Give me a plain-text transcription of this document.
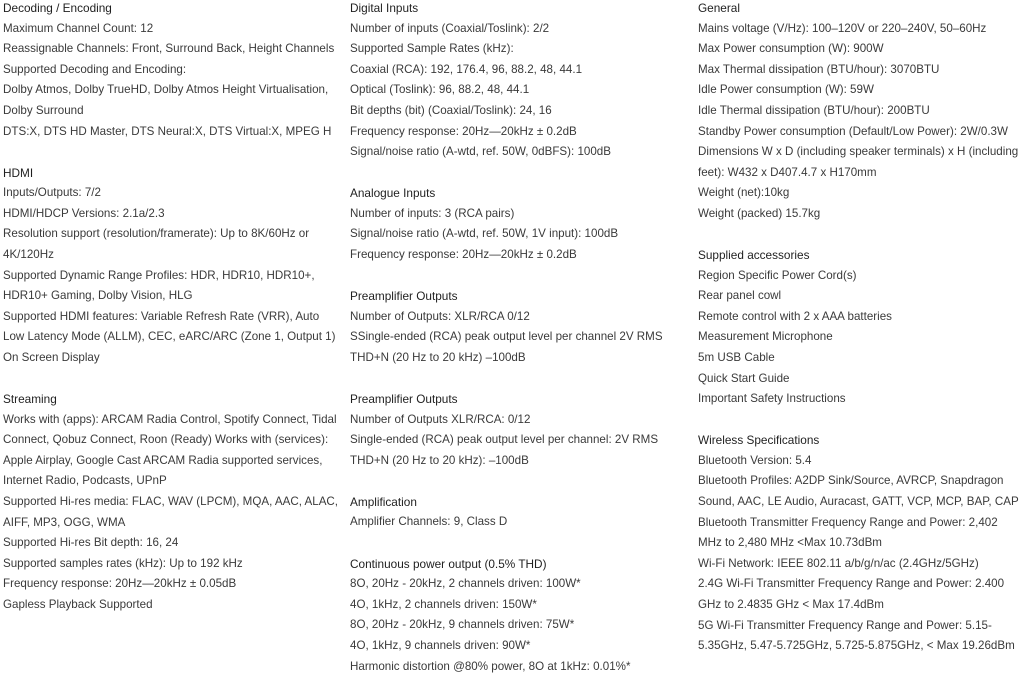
Decoding / Encoding
Maximum Channel Count: 12
Reassignable Channels: Front, Surround Back, Height Channels
Supported Decoding and Encoding:
Dolby Atmos, Dolby TrueHD, Dolby Atmos Height Virtualisation, Dolby Surround
DTS:X, DTS HD Master, DTS Neural:X, DTS Virtual:X, MPEG H
HDMI
Inputs/Outputs: 7/2
HDMI/HDCP Versions: 2.1a/2.3
Resolution support (resolution/framerate): Up to 8K/60Hz or 4K/120Hz
Supported Dynamic Range Profiles: HDR, HDR10, HDR10+, HDR10+ Gaming, Dolby Vision, HLG
Supported HDMI features: Variable Refresh Rate (VRR), Auto Low Latency Mode (ALLM), CEC, eARC/ARC (Zone 1, Output 1) On Screen Display
Streaming
Works with (apps): ARCAM Radia Control, Spotify Connect, Tidal Connect, Qobuz Connect, Roon (Ready) Works with (services): Apple Airplay, Google Cast ARCAM Radia supported services, Internet Radio, Podcasts, UPnP
Supported Hi-res media: FLAC, WAV (LPCM), MQA, AAC, ALAC, AIFF, MP3, OGG, WMA
Supported Hi-res Bit depth: 16, 24
Supported samples rates (kHz): Up to 192 kHz
Frequency response: 20Hz—20kHz ± 0.05dB
Gapless Playback Supported
Digital Inputs
Number of inputs (Coaxial/Toslink): 2/2
Supported Sample Rates (kHz):
Coaxial (RCA): 192, 176.4, 96, 88.2, 48, 44.1
Optical (Toslink): 96, 88.2, 48, 44.1
Bit depths (bit) (Coaxial/Toslink): 24, 16
Frequency response: 20Hz—20kHz ± 0.2dB
Signal/noise ratio (A-wtd, ref. 50W, 0dBFS): 100dB
Analogue Inputs
Number of inputs: 3 (RCA pairs)
Signal/noise ratio (A-wtd, ref. 50W, 1V input): 100dB
Frequency response: 20Hz—20kHz ± 0.2dB
Preamplifier Outputs
Number of Outputs: XLR/RCA 0/12
SSingle-ended (RCA) peak output level per channel 2V RMS
THD+N (20 Hz to 20 kHz) –100dB
Preamplifier Outputs
Number of Outputs XLR/RCA: 0/12
Single-ended (RCA) peak output level per channel: 2V RMS
THD+N (20 Hz to 20 kHz): –100dB
Amplification
Amplifier Channels: 9, Class D
Continuous power output (0.5% THD)
8O, 20Hz - 20kHz, 2 channels driven: 100W*
4O, 1kHz, 2 channels driven: 150W*
8O, 20Hz - 20kHz, 9 channels driven: 75W*
4O, 1kHz, 9 channels driven: 90W*
Harmonic distortion @80% power, 8O at 1kHz: 0.01%*
General
Mains voltage (V/Hz): 100–120V or 220–240V, 50–60Hz
Max Power consumption (W): 900W
Max Thermal dissipation (BTU/hour): 3070BTU
Idle Power consumption (W): 59W
Idle Thermal dissipation (BTU/hour): 200BTU
Standby Power consumption (Default/Low Power): 2W/0.3W
Dimensions W x D (including speaker terminals) x H (including feet): W432 x D407.4.7 x H170mm
Weight (net):10kg
Weight (packed) 15.7kg
Supplied accessories
Region Specific Power Cord(s)
Rear panel cowl
Remote control with 2 x AAA batteries
Measurement Microphone
5m USB Cable
Quick Start Guide
Important Safety Instructions
Wireless Specifications
Bluetooth Version: 5.4
Bluetooth Profiles: A2DP Sink/Source, AVRCP, Snapdragon Sound, AAC, LE Audio, Auracast, GATT, VCP, MCP, BAP, CAP
Bluetooth Transmitter Frequency Range and Power: 2,402 MHz to 2,480 MHz <Max 10.73dBm
Wi-Fi Network: IEEE 802.11 a/b/g/n/ac (2.4GHz/5GHz)
2.4G Wi-Fi Transmitter Frequency Range and Power: 2.400 GHz to 2.4835 GHz < Max 17.4dBm
5G Wi-Fi Transmitter Frequency Range and Power: 5.15-5.35GHz, 5.47-5.725GHz, 5.725-5.875GHz, < Max 19.26dBm
